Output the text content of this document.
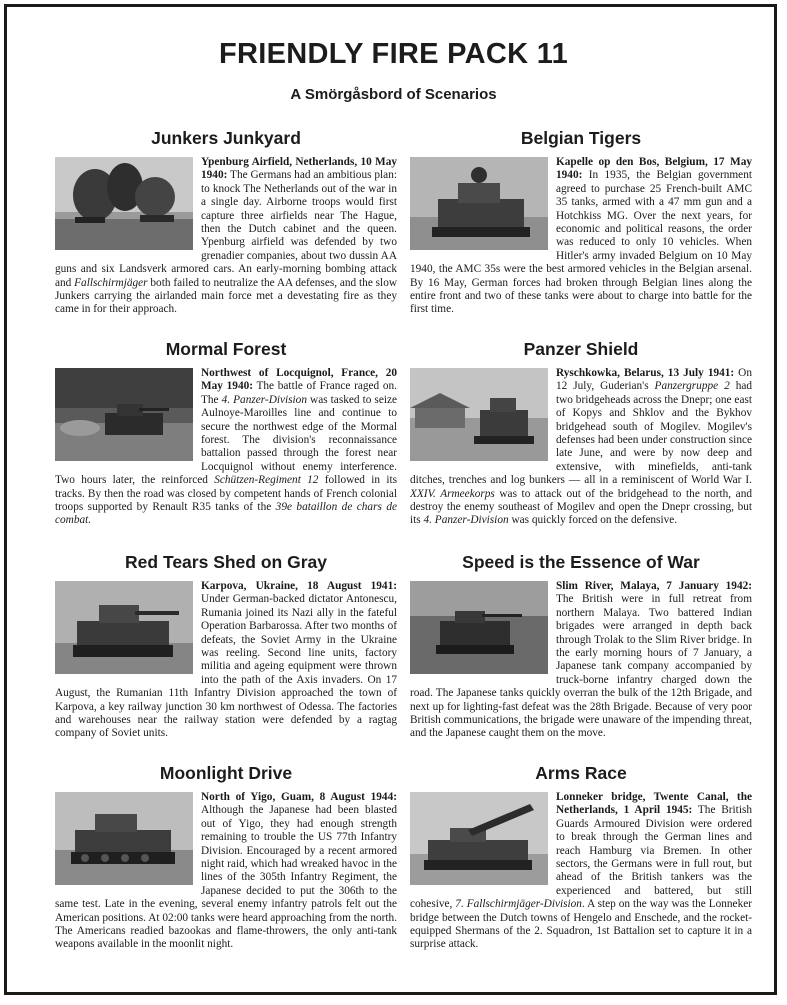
FRIENDLY FIRE PACK 11
A Smörgåsbord of Scenarios
Junkers Junkyard

Ypenburg Airfield, Netherlands, 10 May 1940: The Germans had an ambitious plan: to knock The Netherlands out of the war in a single day. Airborne troops would first capture three airfields near The Hague, then the Dutch cabinet and the queen. Ypenburg airfield was defended by two grenadier companies, about two dussin AA guns and six Landsverk armored cars. An early-morning bombing attack and Fallschirmjäger both failed to neutralize the AA defenses, and the slow Junkers carrying the airlanded main force met a devestating fire as they came in for their approach.

Belgian Tigers

Kapelle op den Bos, Belgium, 17 May 1940: In 1935, the Belgian government agreed to purchase 25 French-built AMC 35 tanks, armed with a 47 mm gun and a Hotchkiss MG. Over the next years, for economic and political reasons, the order was reduced to only 10 vehicles. When Hitler's army invaded Belgium on 10 May 1940, the AMC 35s were the best armored vehicles in the Belgian arsenal. By 16 May, German forces had broken through Belgian lines along the entire front and two of these tanks were about to charge into battle for the first time.

Mormal Forest

Northwest of Locquignol, France, 20 May 1940: The battle of France raged on. The 4. Panzer-Division was tasked to seize Aulnoye-Maroilles line and continue to secure the northwest edge of the Mormal forest. The division's reconnaissance battalion passed through the forest near Locquignol without enemy interference. Two hours later, the reinforced Schützen-Regiment 12 followed in its tracks. By then the road was closed by competent hands of French colonial troops supported by Renault R35 tanks of the 39e bataillon de chars de combat.

Panzer Shield

Ryschkowka, Belarus, 13 July 1941: On 12 July, Guderian's Panzergruppe 2 had two bridgeheads across the Dnepr; one east of Kopys and Shklov and the Bykhov bridgehead south of Mogilev. Mogilev's defenses had been under construction since late June, and were by now deep and extensive, with minefields, anti-tank ditches, trenches and log bunkers — all in a reminiscent of World War I. XXIV. Armeekorps was to attack out of the bridgehead to the north, and destroy the enemy southeast of Mogilev and open the Dnepr crossing, but its 4. Panzer-Division was quickly forced on the defensive.

Red Tears Shed on Gray

Karpova, Ukraine, 18 August 1941: Under German-backed dictator Antonescu, Rumania joined its Nazi ally in the fateful Operation Barbarossa. After two months of defeats, the Soviet Army in the Ukraine was reeling. Second line units, factory militia and ageing equipment were thrown into the path of the Axis invaders. On 17 August, the Rumanian 11th Infantry Division approached the town of Karpova, a key railway junction 30 km northwest of Odessa. The factories and warehouses near the railway station were defended by a ragtag company of Soviet units.

Speed is the Essence of War

Slim River, Malaya, 7 January 1942: The British were in full retreat from northern Malaya. Two battered Indian brigades were arranged in depth back through Trolak to the Slim River bridge. In the early morning hours of 7 January, a Japanese tank company accompanied by truck-borne infantry charged down the road. The Japanese tanks quickly overran the bulk of the 12th Brigade, and next up for lighting-fast defeat was the 28th Brigade. Because of very poor British communications, the brigade were unaware of the impending threat, and the Japanese caught them on the move.

Moonlight Drive

North of Yigo, Guam, 8 August 1944: Although the Japanese had been blasted out of Yigo, they had enough strength remaining to trouble the US 77th Infantry Division. Encouraged by a recent armored night raid, which had wreaked havoc in the lines of the 305th Infantry Regiment, the Japanese decided to put the 306th to the same test. Late in the evening, several enemy infantry patrols felt out the American positions. At 02:00 tanks were heard approaching from the north. The Americans readied bazookas and flame-throwers, the only anti-tank weapons available in the moonlit night.

Arms Race

Lonneker bridge, Twente Canal, the Netherlands, 1 April 1945: The British Guards Armoured Division were ordered to break through the German lines and reach Hamburg via Bremen. In other sectors, the Germans were in full rout, but ahead of the British tankers was the experienced and battered, but still cohesive, 7. Fallschirmjäger-Division. A step on the way was the Lonneker bridge between the Dutch towns of Hengelo and Enschede, and the rocket-equipped Shermans of the 2. Squadron, 1st Battalion set to capture it in a surprise attack.
